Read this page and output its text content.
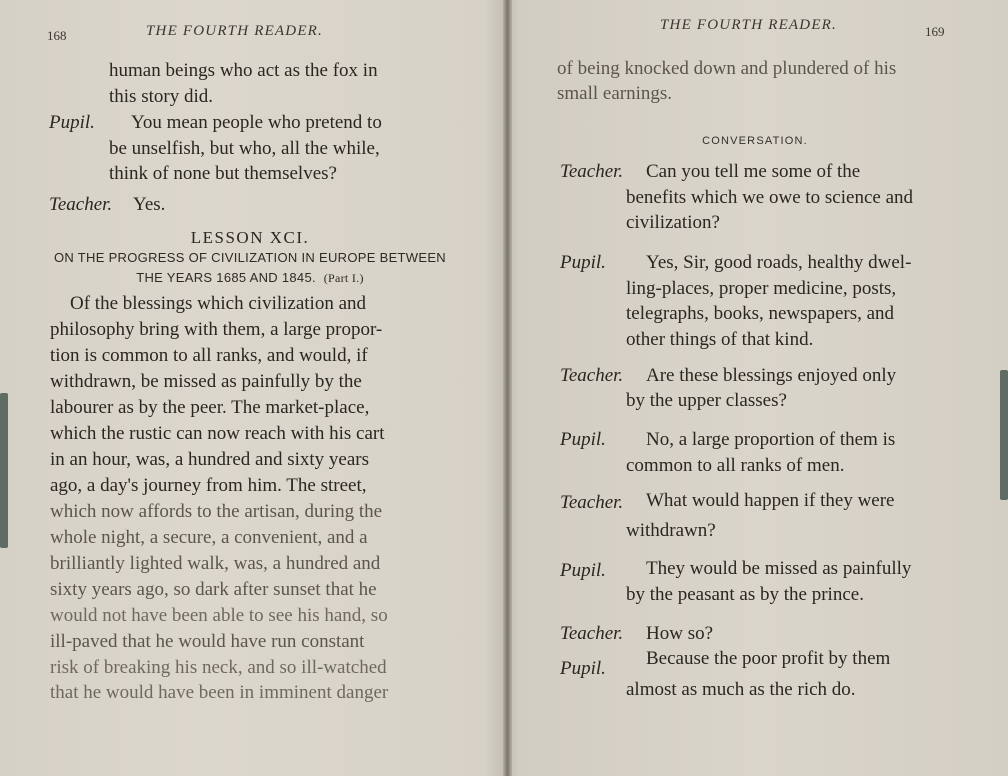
168	THE FOURTH READER.
human beings who act as the fox in
this story did.
Pupil. You mean people who pretend to
be unselfish, but who, all the while,
think of none but themselves?
Teacher. Yes.
LESSON XCI.
ON THE PROGRESS OF CIVILIZATION IN EUROPE BETWEEN
THE YEARS 1685 AND 1845. (Part I.)
Of the blessings which civilization and
philosophy bring with them, a large propor-
tion is common to all ranks, and would, if
withdrawn, be missed as painfully by the
labourer as by the peer. The market-place,
which the rustic can now reach with his cart
in an hour, was, a hundred and sixty years
ago, a day's journey from him. The street,
which now affords to the artisan, during the
whole night, a secure, a convenient, and a
brilliantly lighted walk, was, a hundred and
sixty years ago, so dark after sunset that he
would not have been able to see his hand, so
ill-paved that he would have run constant
risk of breaking his neck, and so ill-watched
that he would have been in imminent danger
THE FOURTH READER.	169
of being knocked down and plundered of his
small earnings.
CONVERSATION.
Teacher. Can you tell me some of the
benefits which we owe to science and
civilization?
Pupil. Yes, Sir, good roads, healthy dwel-
ling-places, proper medicine, posts,
telegraphs, books, newspapers, and
other things of that kind.
Teacher. Are these blessings enjoyed only
by the upper classes?
Pupil. No, a large proportion of them is
common to all ranks of men.
Teacher. What would happen if they were
withdrawn?
Pupil. They would be missed as painfully
by the peasant as by the prince.
Teacher. How so?
Pupil. Because the poor profit by them
almost as much as the rich do.
